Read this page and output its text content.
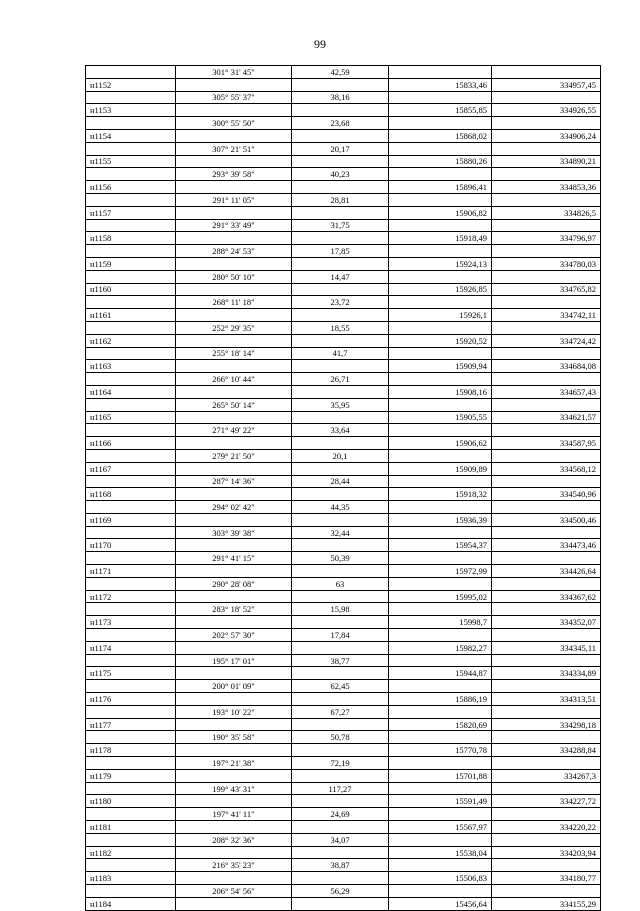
99
	301° 31' 45"	42,59		
н1152			15833,46	334957,45
	305° 55' 37"	38,16		
н1153			15855,85	334926,55
	300° 55' 50"	23,68		
н1154			15868,02	334906,24
	307° 21' 51"	20,17		
н1155			15880,26	334890,21
	293° 39' 58"	40,23		
н1156			15896,41	334853,36
	291° 11' 05"	28,81		
н1157			15906,82	334826,5
	291° 33' 49"	31,75		
н1158			15918,49	334796,97
	288° 24' 53"	17,85		
н1159			15924,13	334780,03
	280° 50' 10"	14,47		
н1160			15926,85	334765,82
	268° 11' 18"	23,72		
н1161			15926,1	334742,11
	252° 29' 35"	18,55		
н1162			15920,52	334724,42
	255° 18' 14"	41,7		
н1163			15909,94	334684,08
	266° 10' 44"	26,71		
н1164			15908,16	334657,43
	265° 50' 14"	35,95		
н1165			15905,55	334621,57
	271° 49' 22"	33,64		
н1166			15906,62	334587,95
	279° 21' 50"	20,1		
н1167			15909,89	334568,12
	287° 14' 36"	28,44		
н1168			15918,32	334540,96
	294° 02' 42"	44,35		
н1169			15936,39	334500,46
	303° 39' 38"	32,44		
н1170			15954,37	334473,46
	291° 41' 15"	50,39		
н1171			15972,99	334426,64
	290° 28' 08"	63		
н1172			15995,02	334367,62
	283° 18' 52"	15,98		
н1173			15998,7	334352,07
	202° 57' 30"	17,84		
н1174			15982,27	334345,11
	195° 17' 01"	38,77		
н1175			15944,87	334334,89
	200° 01' 09"	62,45		
н1176			15886,19	334313,51
	193° 10' 22"	67,27		
н1177			15820,69	334298,18
	190° 35' 58"	50,78		
н1178			15770,78	334288,84
	197° 21' 38"	72,19		
н1179			15701,88	334267,3
	199° 43' 31"	117,27		
н1180			15591,49	334227,72
	197° 41' 11"	24,69		
н1181			15567,97	334220,22
	208° 32' 36"	34,07		
н1182			15538,04	334203,94
	216° 35' 23"	38,87		
н1183			15506,83	334180,77
	206° 54' 56"	56,29		
н1184			15456,64	334155,29
